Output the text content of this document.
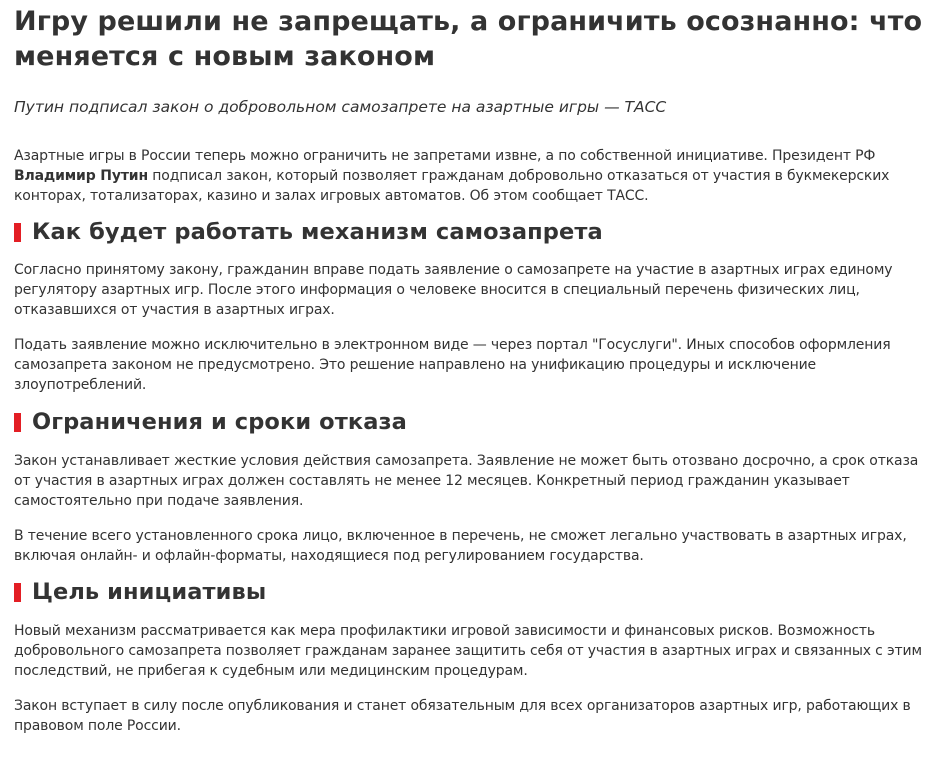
Игру решили не запрещать, а ограничить осознанно: что меняется с новым законом

Путин подписал закон о добровольном самозапрете на азартные игры — ТАСС

Азартные игры в России теперь можно ограничить не запретами извне, а по собственной инициативе. Президент РФ Владимир Путин подписал закон, который позволяет гражданам добровольно отказаться от участия в букмекерских конторах, тотализаторах, казино и залах игровых автоматов. Об этом сообщает ТАСС.

Как будет работать механизм самозапрета

Согласно принятому закону, гражданин вправе подать заявление о самозапрете на участие в азартных играх единому регулятору азартных игр. После этого информация о человеке вносится в специальный перечень физических лиц, отказавшихся от участия в азартных играх.

Подать заявление можно исключительно в электронном виде — через портал "Госуслуги". Иных способов оформления самозапрета законом не предусмотрено. Это решение направлено на унификацию процедуры и исключение злоупотреблений.

Ограничения и сроки отказа

Закон устанавливает жесткие условия действия самозапрета. Заявление не может быть отозвано досрочно, а срок отказа от участия в азартных играх должен составлять не менее 12 месяцев. Конкретный период гражданин указывает самостоятельно при подаче заявления.

В течение всего установленного срока лицо, включенное в перечень, не сможет легально участвовать в азартных играх, включая онлайн- и офлайн-форматы, находящиеся под регулированием государства.

Цель инициативы

Новый механизм рассматривается как мера профилактики игровой зависимости и финансовых рисков. Возможность добровольного самозапрета позволяет гражданам заранее защитить себя от участия в азартных играх и связанных с этим последствий, не прибегая к судебным или медицинским процедурам.

Закон вступает в силу после опубликования и станет обязательным для всех организаторов азартных игр, работающих в правовом поле России.
